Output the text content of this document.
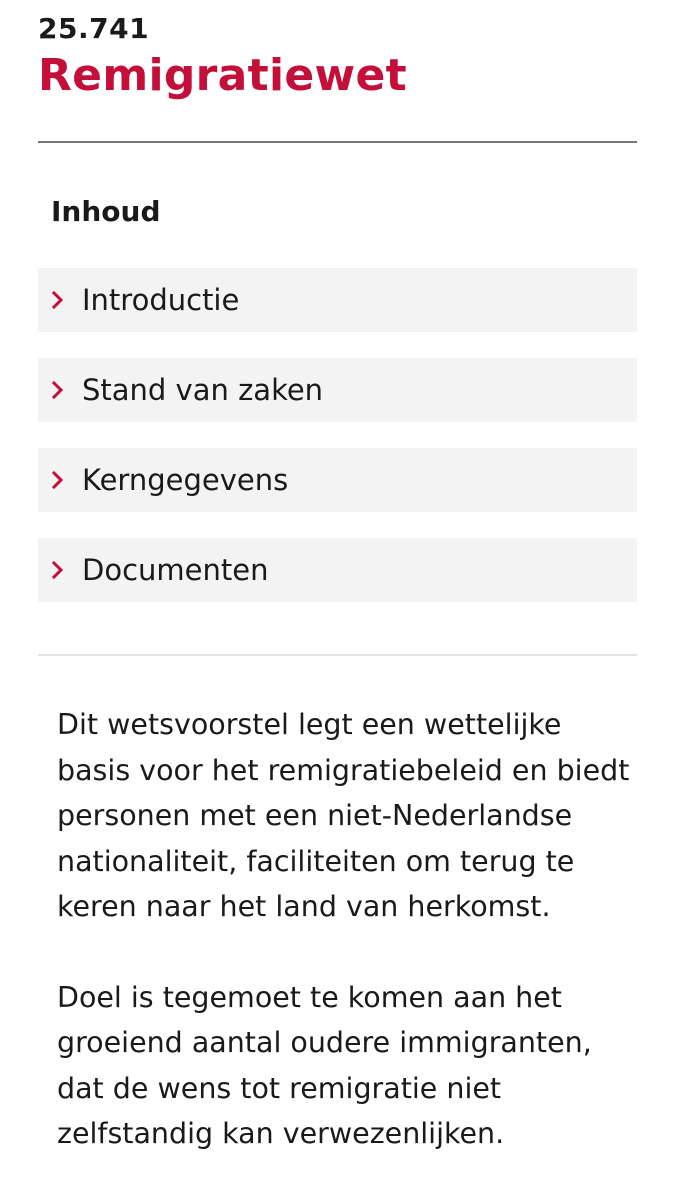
25.741
Remigratiewet
Inhoud
Introductie
Stand van zaken
Kerngegevens
Documenten

Dit wetsvoorstel legt een wettelijke basis voor het remigratiebeleid en biedt personen met een niet-Nederlandse nationaliteit, faciliteiten om terug te keren naar het land van herkomst.

Doel is tegemoet te komen aan het groeiend aantal oudere immigranten, dat de wens tot remigratie niet zelfstandig kan verwezenlijken.
